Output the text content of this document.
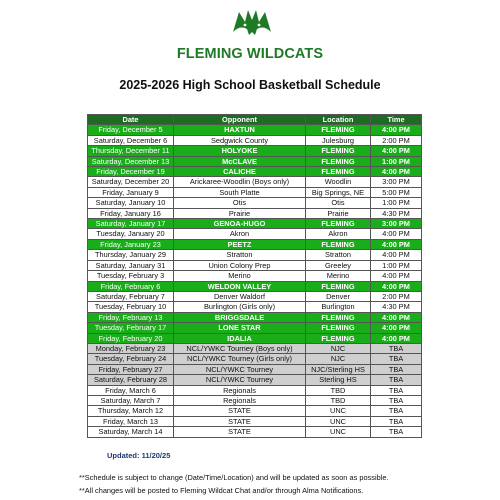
FLEMING WILDCATS
2025-2026 High School Basketball Schedule
Date	Opponent	Location	Time
Friday, December 5	HAXTUN	FLEMING	4:00 PM
Saturday, December 6	Sedgwick County	Julesburg	2:00 PM
Thursday, December 11	HOLYOKE	FLEMING	4:00 PM
Saturday, December 13	McCLAVE	FLEMING	1:00 PM
Friday, December 19	CALICHE	FLEMING	4:00 PM
Saturday, December 20	Arickaree-Woodlin (Boys only)	Woodlin	3:00 PM
Friday, January 9	South Platte	Big Springs, NE	5:00 PM
Saturday, January 10	Otis	Otis	1:00 PM
Friday, January 16	Prairie	Prairie	4:30 PM
Saturday, January 17	GENOA-HUGO	FLEMING	3:00 PM
Tuesday, January 20	Akron	Akron	4:00 PM
Friday, January 23	PEETZ	FLEMING	4:00 PM
Thursday, January 29	Stratton	Stratton	4:00 PM
Saturday, January 31	Union Colony Prep	Greeley	1:00 PM
Tuesday, February 3	Merino	Merino	4:00 PM
Friday, February 6	WELDON VALLEY	FLEMING	4:00 PM
Saturday, February 7	Denver Waldorf	Denver	2:00 PM
Tuesday, February 10	Burlington (Girls only)	Burlington	4:30 PM
Friday, February 13	BRIGGSDALE	FLEMING	4:00 PM
Tuesday, February 17	LONE STAR	FLEMING	4:00 PM
Friday, February 20	IDALIA	FLEMING	4:00 PM
Monday, February 23	NCL/YWKC Tourney (Boys only)	NJC	TBA
Tuesday, February 24	NCL/YWKC Tourney (Girls only)	NJC	TBA
Friday, February 27	NCL/YWKC Tourney	NJC/Sterling HS	TBA
Saturday, February 28	NCL/YWKC Tourney	Sterling HS	TBA
Friday, March 6	Regionals	TBD	TBA
Saturday, March 7	Regionals	TBD	TBA
Thursday, March 12	STATE	UNC	TBA
Friday, March 13	STATE	UNC	TBA
Saturday, March 14	STATE	UNC	TBA
Updated: 11/20/25
**Schedule is subject to change (Date/Time/Location) and will be updated as soon as possible.
**All changes will be posted to Fleming Wildcat Chat and/or through Alma Notifications.
